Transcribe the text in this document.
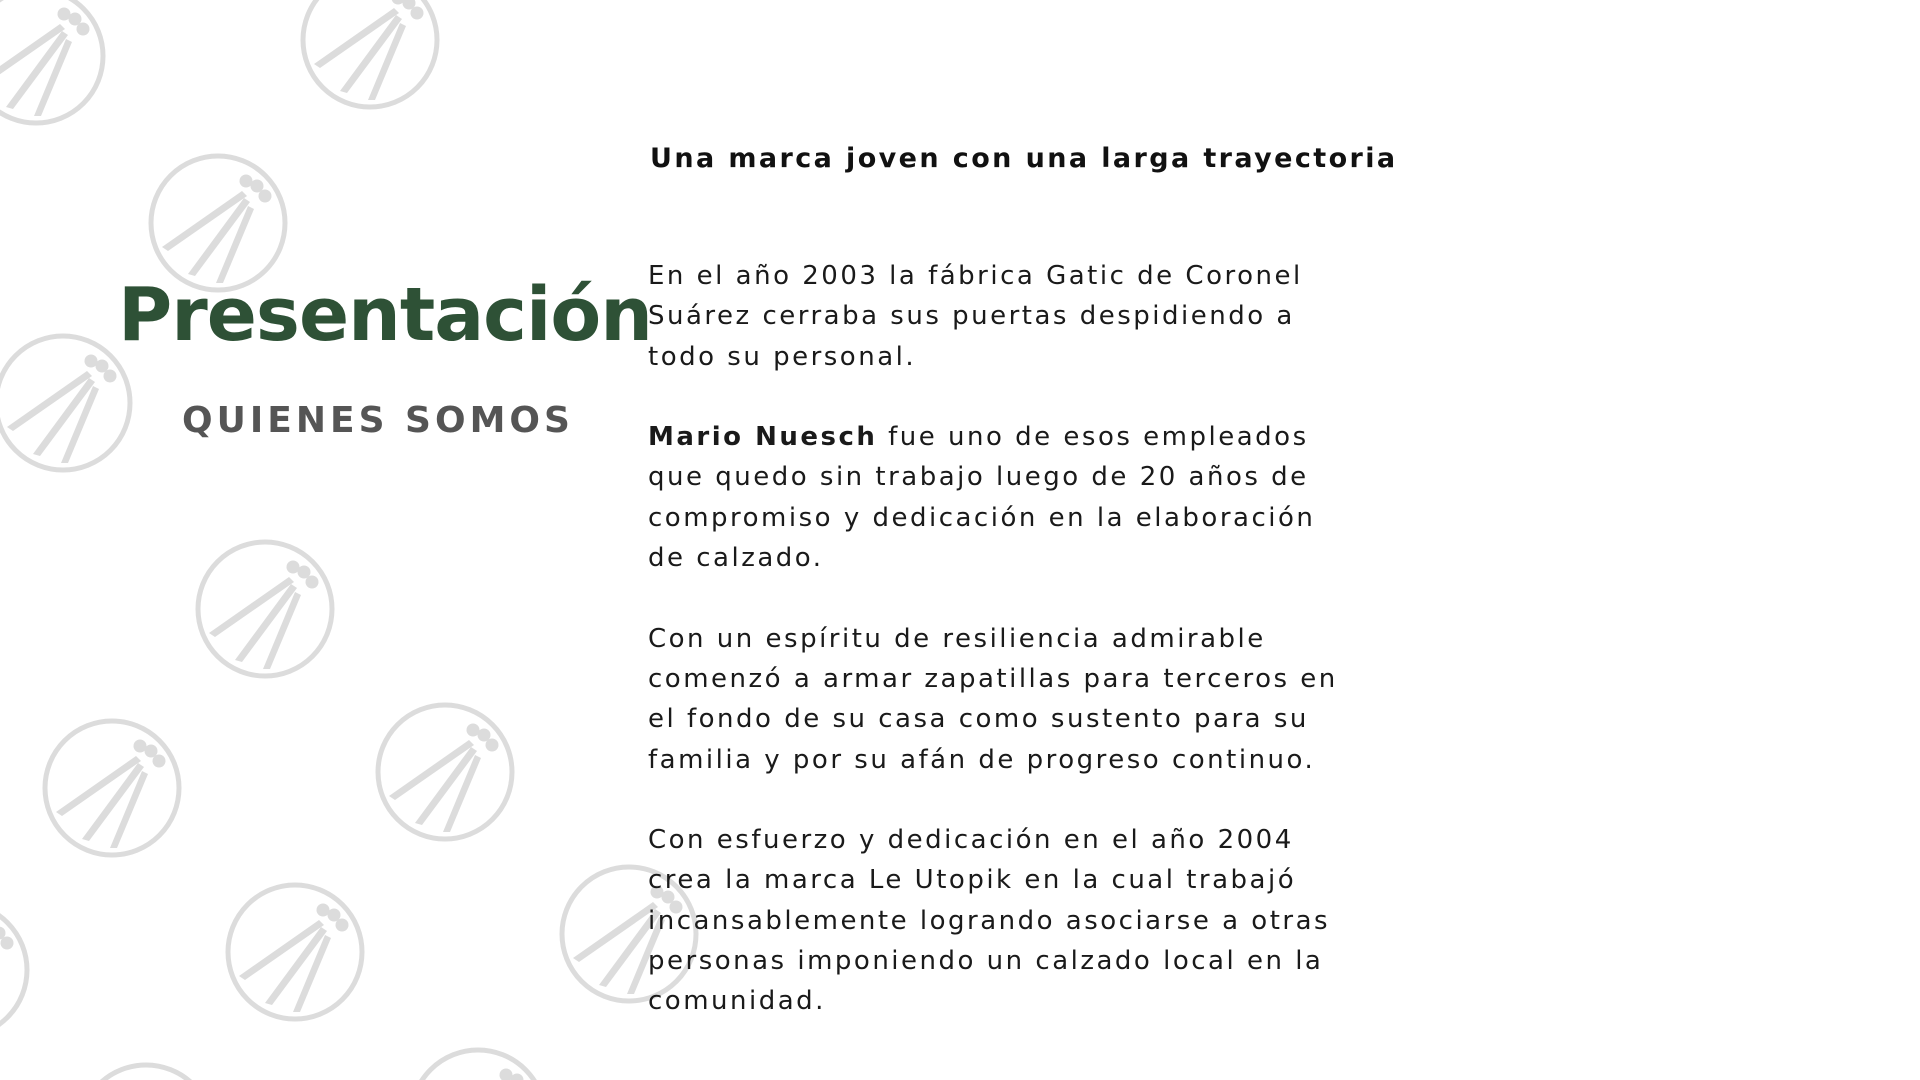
Presentación
QUIENES SOMOS
Una marca joven con una larga trayectoria

En el año 2003 la fábrica Gatic de Coronel
Suárez cerraba sus puertas despidiendo a
todo su personal.

Mario Nuesch fue uno de esos empleados
que quedo sin trabajo luego de 20 años de
compromiso y dedicación en la elaboración
de calzado.

Con un espíritu de resiliencia admirable
comenzó a armar zapatillas para terceros en
el fondo de su casa como sustento para su
familia y por su afán de progreso continuo.

Con esfuerzo y dedicación en el año 2004
crea la marca Le Utopik en la cual trabajó
incansablemente logrando asociarse a otras
personas imponiendo un calzado local en la
comunidad.
